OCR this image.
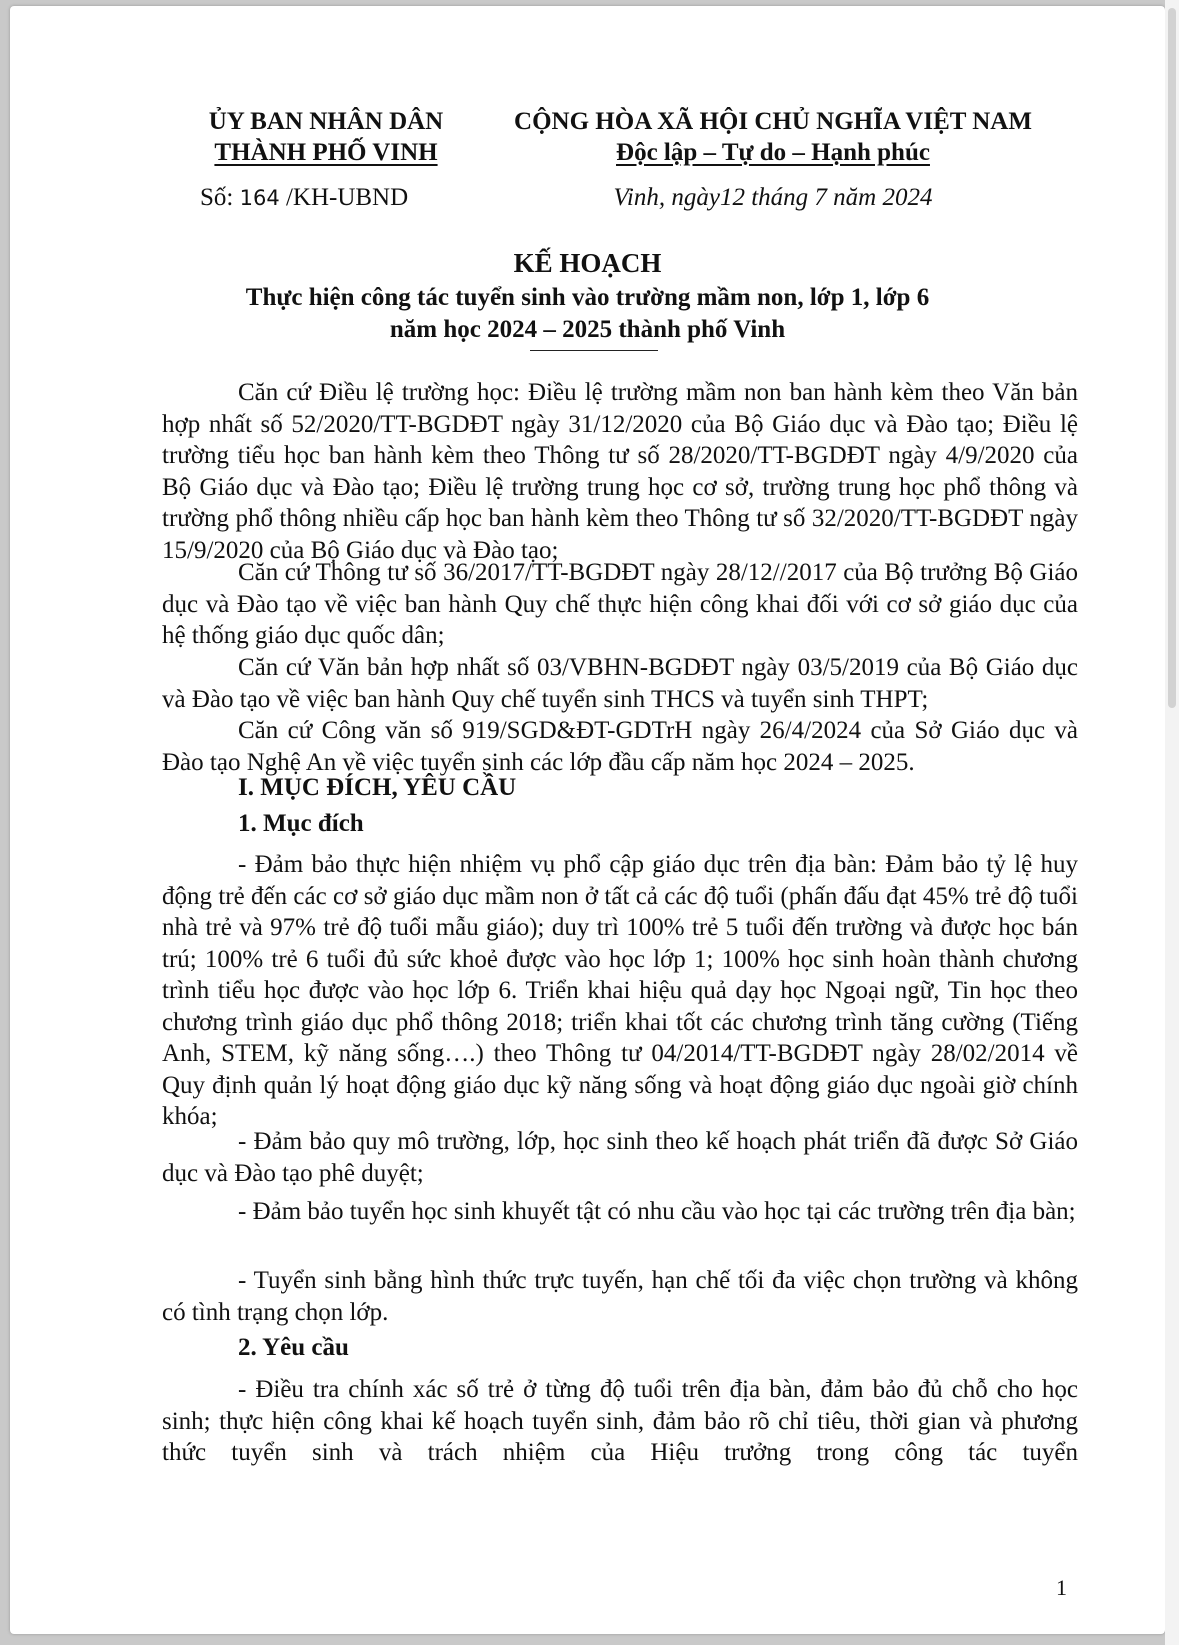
ỦY BAN NHÂN DÂN
THÀNH PHỐ VINH
Số: 164 /KH-UBND
CỘNG HÒA XÃ HỘI CHỦ NGHĨA VIỆT NAM
Độc lập – Tự do – Hạnh phúc
Vinh, ngày12 tháng 7 năm 2024
KẾ HOẠCH
Thực hiện công tác tuyển sinh vào trường mầm non, lớp 1, lớp 6
năm học 2024 – 2025 thành phố Vinh

Căn cứ Điều lệ trường học: Điều lệ trường mầm non ban hành kèm theo Văn bản hợp nhất số 52/2020/TT-BGDĐT ngày 31/12/2020 của Bộ Giáo dục và Đào tạo; Điều lệ trường tiểu học ban hành kèm theo Thông tư số 28/2020/TT-BGDĐT ngày 4/9/2020 của Bộ Giáo dục và Đào tạo; Điều lệ trường trung học cơ sở, trường trung học phổ thông và trường phổ thông nhiều cấp học ban hành kèm theo Thông tư số 32/2020/TT-BGDĐT ngày 15/9/2020 của Bộ Giáo dục và Đào tạo;

Căn cứ Thông tư số 36/2017/TT-BGDĐT ngày 28/12//2017 của Bộ trưởng Bộ Giáo dục và Đào tạo về việc ban hành Quy chế thực hiện công khai đối với cơ sở giáo dục của hệ thống giáo dục quốc dân;

Căn cứ Văn bản hợp nhất số 03/VBHN-BGDĐT ngày 03/5/2019 của Bộ Giáo dục và Đào tạo về việc ban hành Quy chế tuyển sinh THCS và tuyển sinh THPT;

Căn cứ Công văn số 919/SGD&ĐT-GDTrH ngày 26/4/2024 của Sở Giáo dục và Đào tạo Nghệ An về việc tuyển sinh các lớp đầu cấp năm học 2024 – 2025.

I. MỤC ĐÍCH, YÊU CẦU
1. Mục đích

- Đảm bảo thực hiện nhiệm vụ phổ cập giáo dục trên địa bàn: Đảm bảo tỷ lệ huy động trẻ đến các cơ sở giáo dục mầm non ở tất cả các độ tuổi (phấn đấu đạt 45% trẻ độ tuổi nhà trẻ và 97% trẻ độ tuổi mẫu giáo); duy trì 100% trẻ 5 tuổi đến trường và được học bán trú; 100% trẻ 6 tuổi đủ sức khoẻ được vào học lớp 1; 100% học sinh hoàn thành chương trình tiểu học được vào học lớp 6. Triển khai hiệu quả dạy học Ngoại ngữ, Tin học theo chương trình giáo dục phổ thông 2018; triển khai tốt các chương trình tăng cường (Tiếng Anh, STEM, kỹ năng sống….) theo Thông tư 04/2014/TT-BGDĐT ngày 28/02/2014 về Quy định quản lý hoạt động giáo dục kỹ năng sống và hoạt động giáo dục ngoài giờ chính khóa;

- Đảm bảo quy mô trường, lớp, học sinh theo kế hoạch phát triển đã được Sở Giáo dục và Đào tạo phê duyệt;

- Đảm bảo tuyển học sinh khuyết tật có nhu cầu vào học tại các trường trên địa bàn;

- Tuyển sinh bằng hình thức trực tuyến, hạn chế tối đa việc chọn trường và không có tình trạng chọn lớp.

2. Yêu cầu

- Điều tra chính xác số trẻ ở từng độ tuổi trên địa bàn, đảm bảo đủ chỗ cho học sinh; thực hiện công khai kế hoạch tuyển sinh, đảm bảo rõ chỉ tiêu, thời gian và phương thức tuyển sinh và trách nhiệm của Hiệu trưởng trong công tác tuyển

1
